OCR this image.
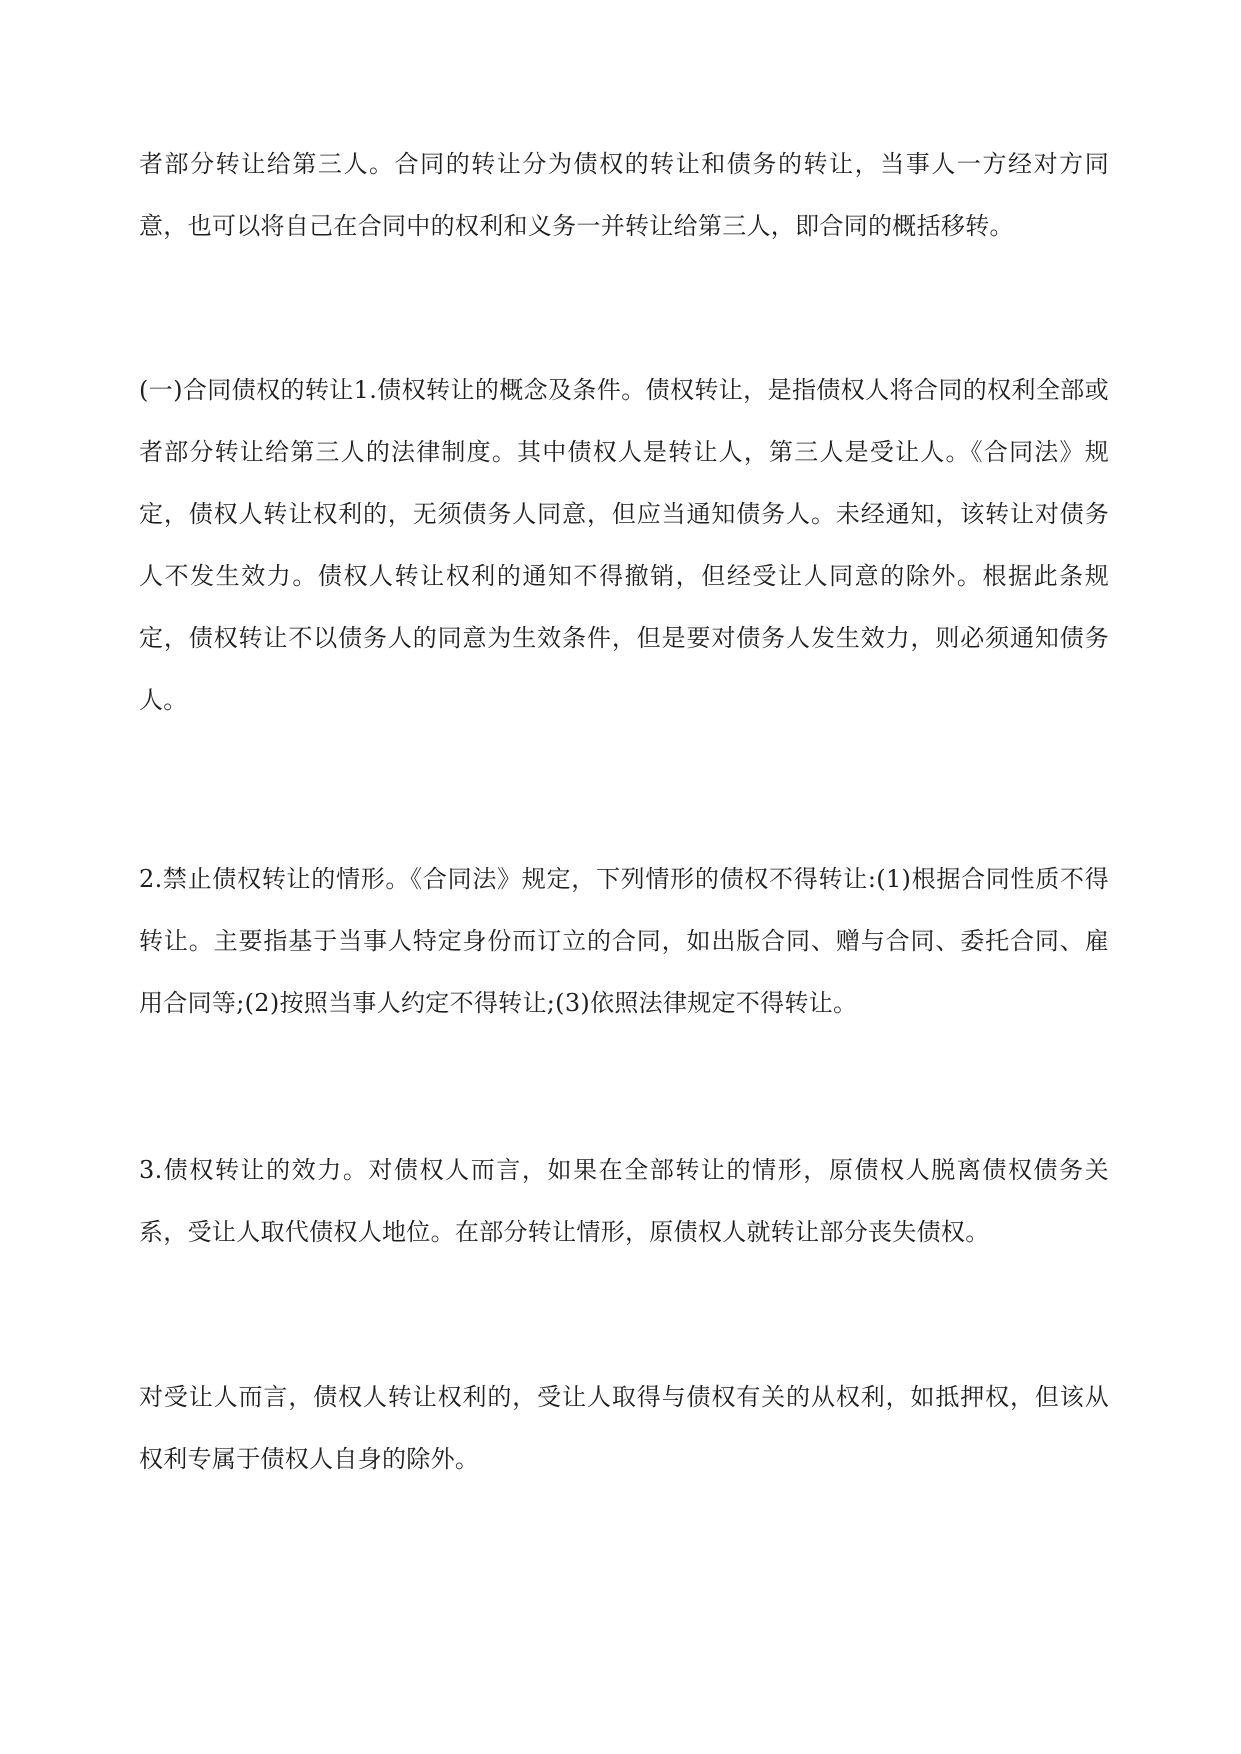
者部分转让给第三人。合同的转让分为债权的转让和债务的转让，当事人一方经对方同意，也可以将自己在合同中的权利和义务一并转让给第三人，即合同的概括移转。

(一)合同债权的转让1.债权转让的概念及条件。债权转让，是指债权人将合同的权利全部或者部分转让给第三人的法律制度。其中债权人是转让人，第三人是受让人。《合同法》规定，债权人转让权利的，无须债务人同意，但应当通知债务人。未经通知，该转让对债务人不发生效力。债权人转让权利的通知不得撤销，但经受让人同意的除外。根据此条规定，债权转让不以债务人的同意为生效条件，但是要对债务人发生效力，则必须通知债务人。

2.禁止债权转让的情形。《合同法》规定，下列情形的债权不得转让:(1)根据合同性质不得转让。主要指基于当事人特定身份而订立的合同，如出版合同、赠与合同、委托合同、雇用合同等;(2)按照当事人约定不得转让;(3)依照法律规定不得转让。

3.债权转让的效力。对债权人而言，如果在全部转让的情形，原债权人脱离债权债务关系，受让人取代债权人地位。在部分转让情形，原债权人就转让部分丧失债权。

对受让人而言，债权人转让权利的，受让人取得与债权有关的从权利，如抵押权，但该从权利专属于债权人自身的除外。
